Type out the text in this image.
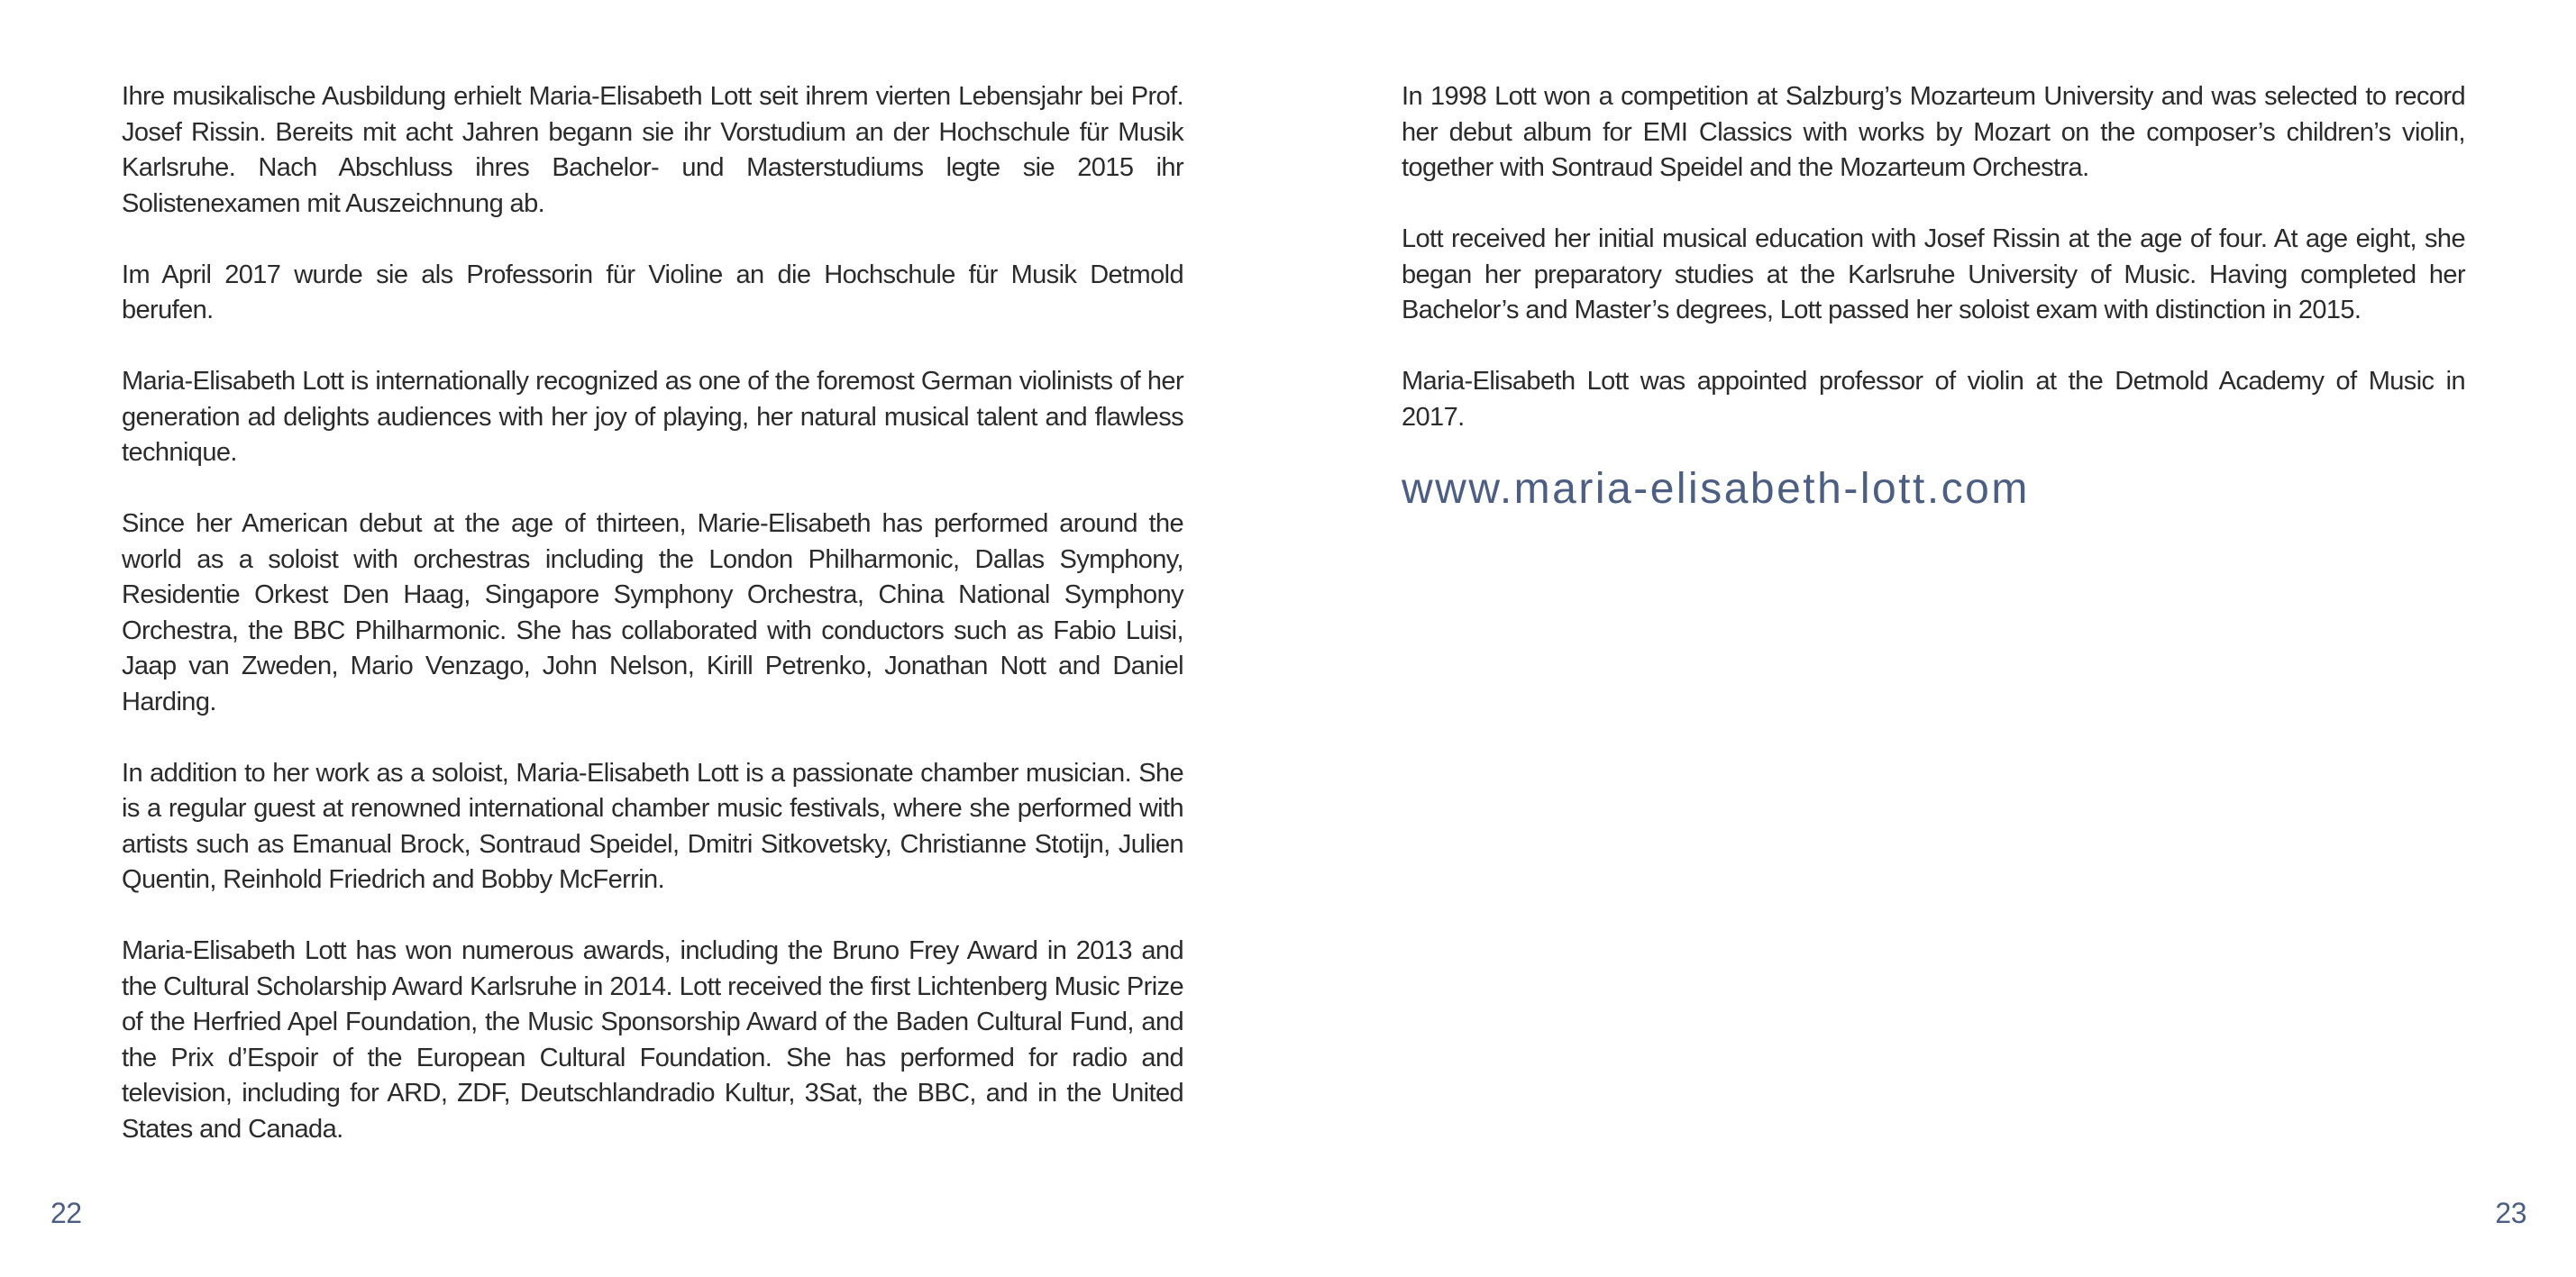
Ihre musikalische Ausbildung erhielt Maria-Elisabeth Lott seit ihrem vierten Lebensjahr bei Prof. Josef Rissin. Bereits mit acht Jahren begann sie ihr Vorstudium an der Hochschule für Musik Karlsruhe. Nach Abschluss ihres Bachelor- und Masterstudiums legte sie 2015 ihr Solistenexamen mit Auszeichnung ab.

Im April 2017 wurde sie als Professorin für Violine an die Hochschule für Musik Detmold berufen.

Maria-Elisabeth Lott is internationally recognized as one of the foremost German violinists of her generation ad delights audiences with her joy of playing, her natural musical talent and flawless technique.

Since her American debut at the age of thirteen, Marie-Elisabeth has performed around the world as a soloist with orchestras including the London Philharmonic, Dallas Symphony, Residentie Orkest Den Haag, Singapore Symphony Orchestra, China National Symphony Orchestra, the BBC Philharmonic. She has collaborated with conductors such as Fabio Luisi, Jaap van Zweden, Mario Venzago, John Nelson, Kirill Petrenko, Jonathan Nott and Daniel Harding.

In addition to her work as a soloist, Maria-Elisabeth Lott is a passionate chamber musician. She is a regular guest at renowned international chamber music festivals, where she performed with artists such as Emanual Brock, Sontraud Speidel, Dmitri Sitkovetsky, Christianne Stotijn, Julien Quentin, Reinhold Friedrich and Bobby McFerrin.

Maria-Elisabeth Lott has won numerous awards, including the Bruno Frey Award in 2013 and the Cultural Scholarship Award Karlsruhe in 2014. Lott received the first Lichtenberg Music Prize of the Herfried Apel Foundation, the Music Sponsorship Award of the Baden Cultural Fund, and the Prix d’Espoir of the European Cultural Foundation. She has performed for radio and television, including for ARD, ZDF, Deutschlandradio Kultur, 3Sat, the BBC, and in the United States and Canada.

22

In 1998 Lott won a competition at Salzburg’s Mozarteum University and was selected to record her debut album for EMI Classics with works by Mozart on the composer’s children’s violin, together with Sontraud Speidel and the Mozarteum Orchestra.

Lott received her initial musical education with Josef Rissin at the age of four. At age eight, she began her preparatory studies at the Karlsruhe University of Music. Having completed her Bachelor’s and Master’s degrees, Lott passed her soloist exam with distinction in 2015.

Maria-Elisabeth Lott was appointed professor of violin at the Detmold Academy of Music in 2017.

www.maria-elisabeth-lott.com
23
